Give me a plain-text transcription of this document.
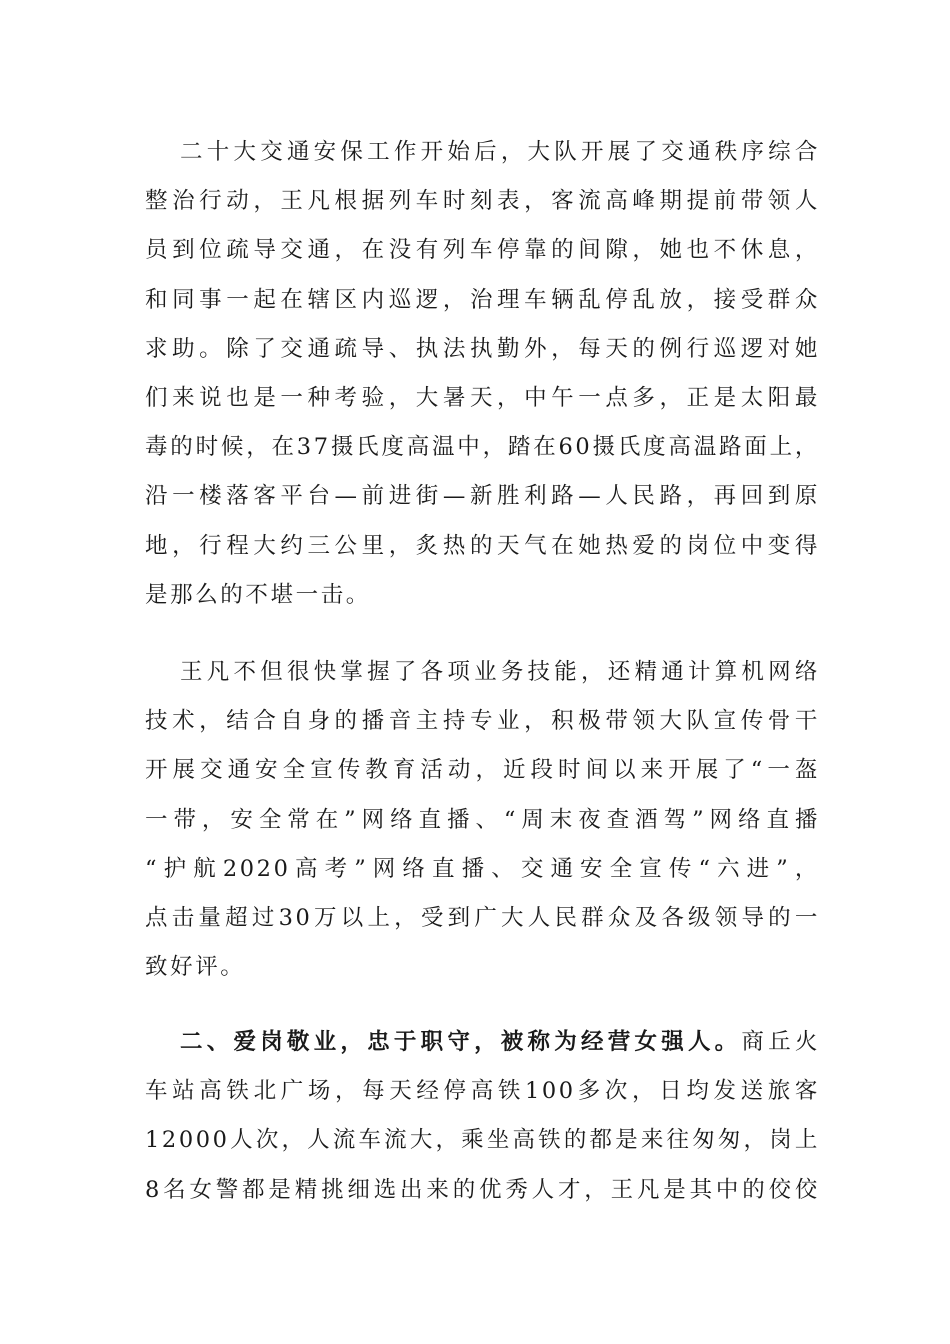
二十大交通安保工作开始后，大队开展了交通秩序综合
整治行动，王凡根据列车时刻表，客流高峰期提前带领人
员到位疏导交通，在没有列车停靠的间隙，她也不休息，
和同事一起在辖区内巡逻，治理车辆乱停乱放，接受群众
求助。除了交通疏导、执法执勤外，每天的例行巡逻对她
们来说也是一种考验，大暑天，中午一点多，正是太阳最
毒的时候，在37摄氏度高温中，踏在60摄氏度高温路面上，
沿一楼落客平台—前进街—新胜利路—人民路，再回到原
地，行程大约三公里，炙热的天气在她热爱的岗位中变得
是那么的不堪一击。
王凡不但很快掌握了各项业务技能，还精通计算机网络
技术，结合自身的播音主持专业，积极带领大队宣传骨干
开展交通安全宣传教育活动，近段时间以来开展了“一盔
一带，安全常在”网络直播、“周末夜查酒驾”网络直播
“护航2020高考”网络直播、交通安全宣传“六进”，
点击量超过30万以上，受到广大人民群众及各级领导的一
致好评。
二、爱岗敬业，忠于职守，被称为经营女强人。商丘火
车站高铁北广场，每天经停高铁100多次，日均发送旅客
12000人次，人流车流大，乘坐高铁的都是来往匆匆，岗上
8名女警都是精挑细选出来的优秀人才，王凡是其中的佼佼
